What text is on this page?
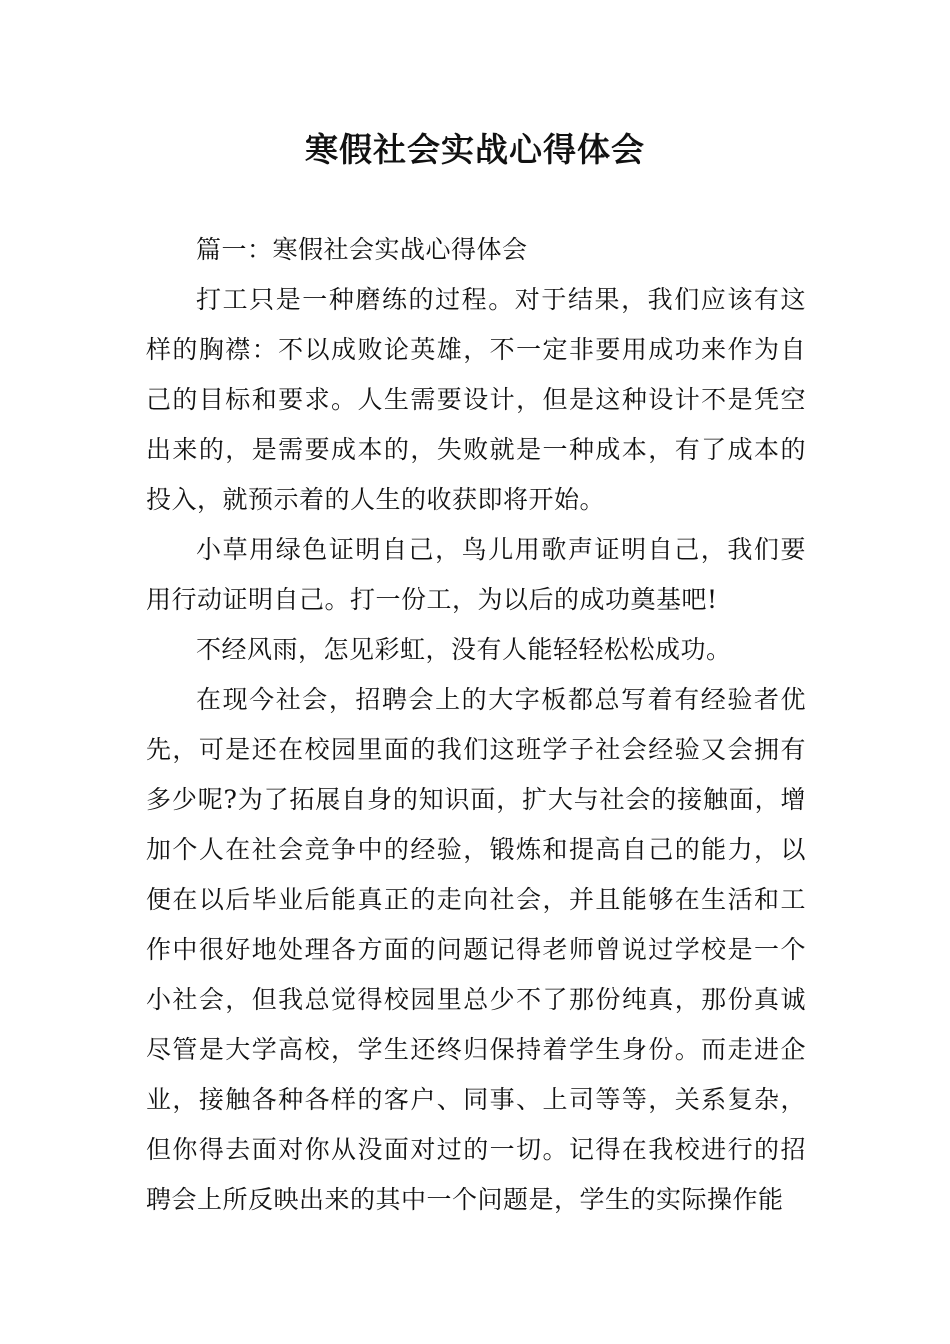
寒假社会实战心得体会

篇一：寒假社会实战心得体会

打工只是一种磨练的过程。对于结果，我们应该有这样的胸襟：不以成败论英雄，不一定非要用成功来作为自己的目标和要求。人生需要设计，但是这种设计不是凭空出来的，是需要成本的，失败就是一种成本，有了成本的投入，就预示着的人生的收获即将开始。

小草用绿色证明自己，鸟儿用歌声证明自己，我们要用行动证明自己。打一份工，为以后的成功奠基吧!

不经风雨，怎见彩虹，没有人能轻轻松松成功。

在现今社会，招聘会上的大字板都总写着有经验者优先，可是还在校园里面的我们这班学子社会经验又会拥有多少呢?为了拓展自身的知识面，扩大与社会的接触面，增加个人在社会竞争中的经验，锻炼和提高自己的能力，以便在以后毕业后能真正的走向社会，并且能够在生活和工作中很好地处理各方面的问题记得老师曾说过学校是一个小社会，但我总觉得校园里总少不了那份纯真，那份真诚尽管是大学高校，学生还终归保持着学生身份。而走进企业，接触各种各样的客户、同事、上司等等，关系复杂，但你得去面对你从没面对过的一切。记得在我校进行的招聘会上所反映出来的其中一个问题是，学生的实际操作能
